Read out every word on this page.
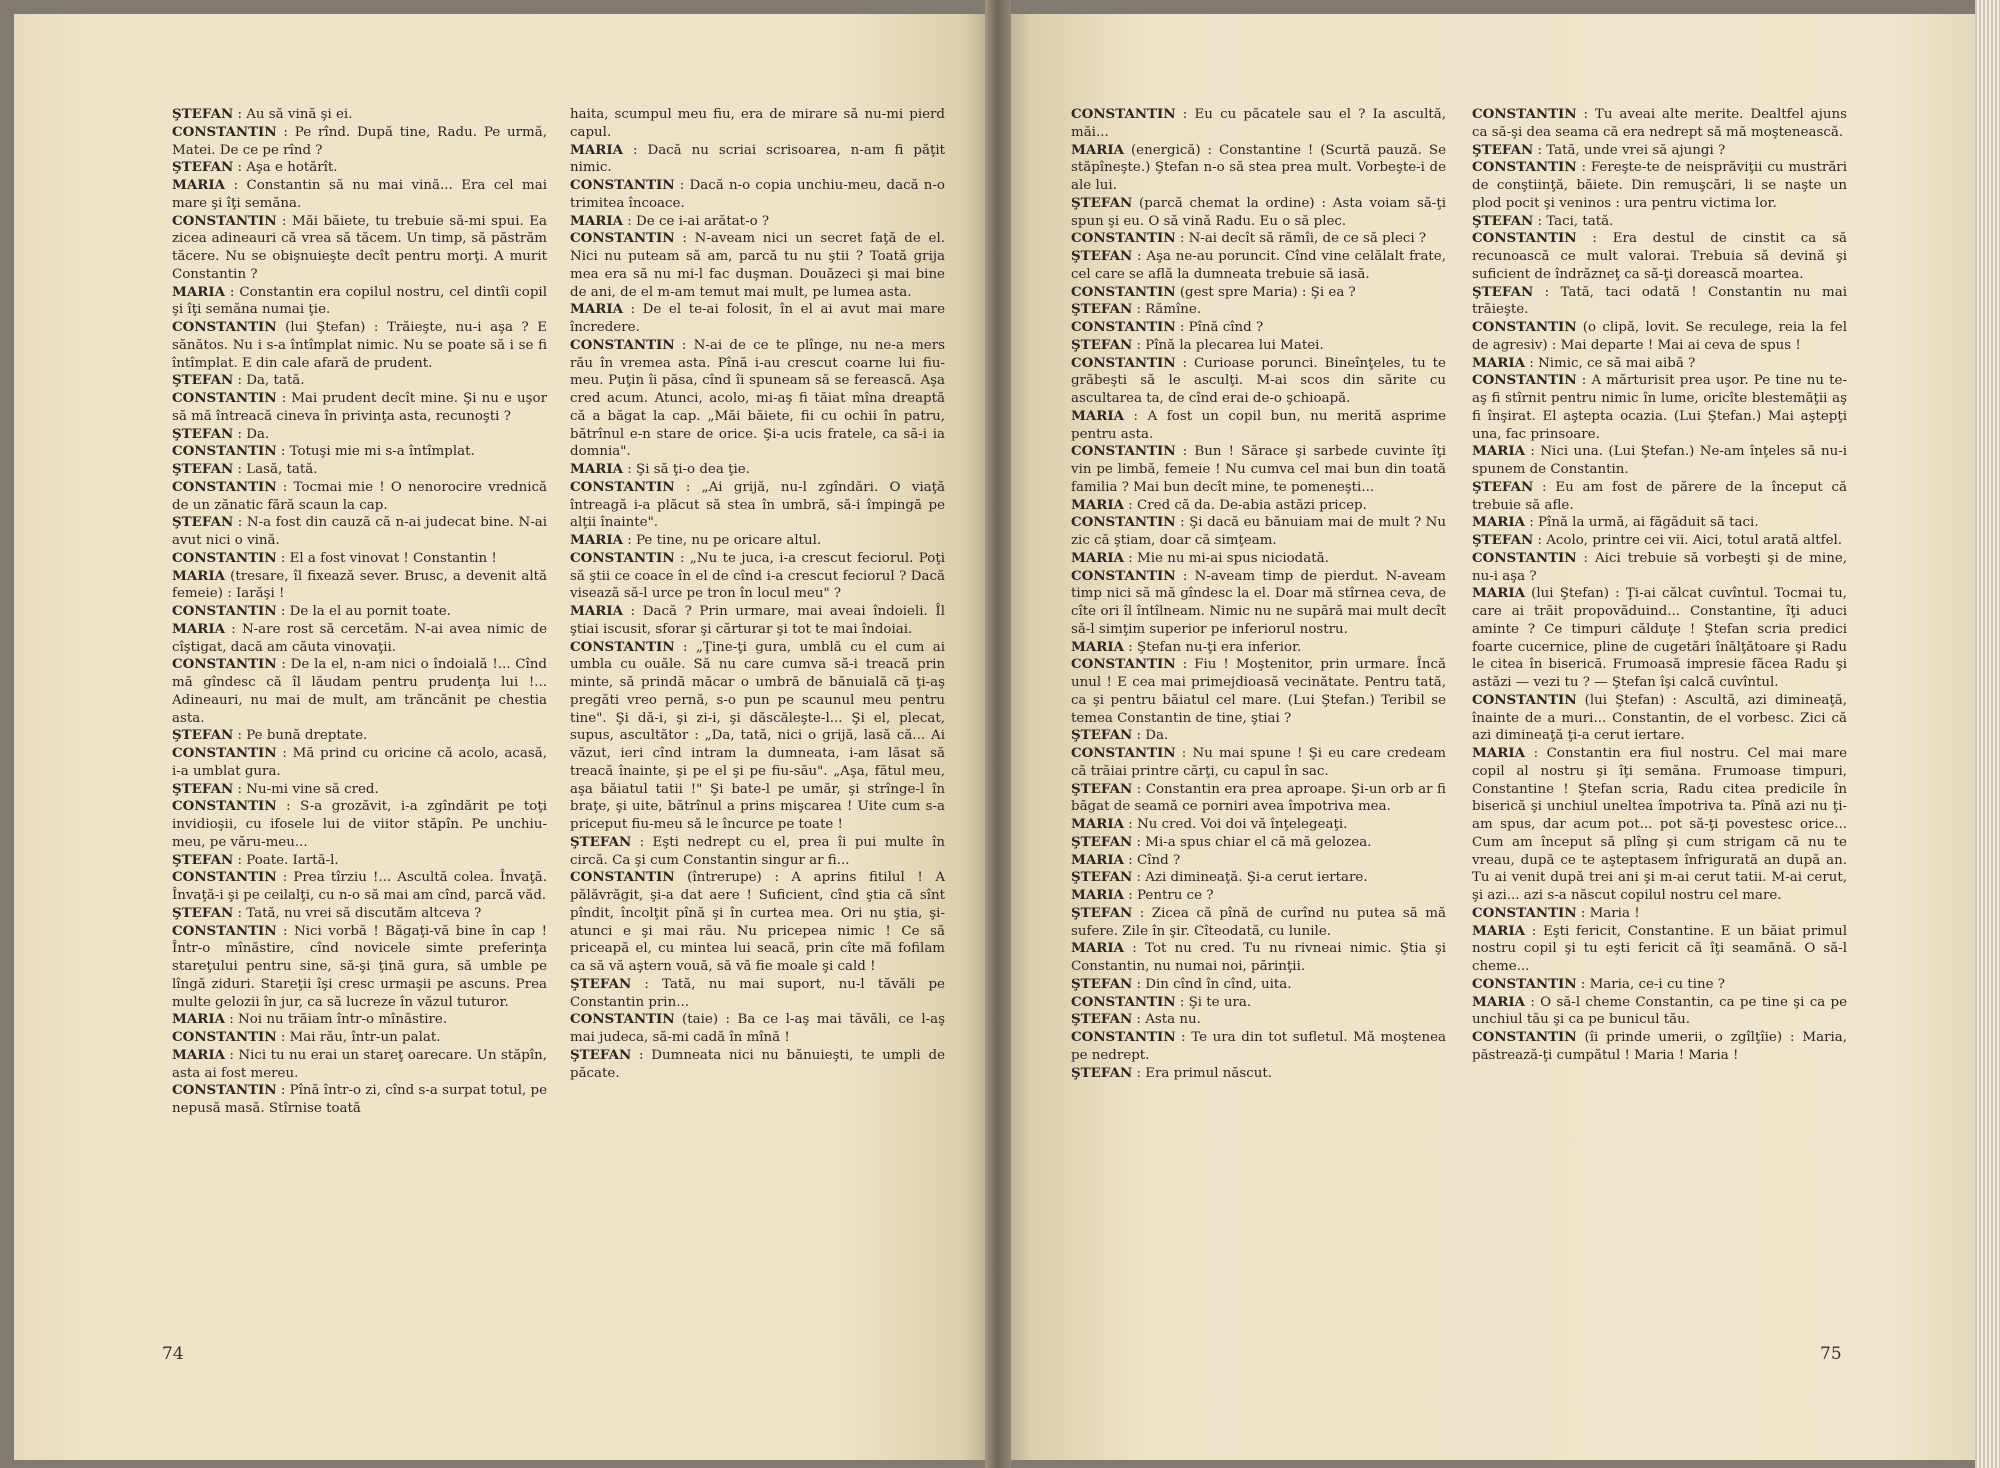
ŞTEFAN : Au să vină şi ei.

CONSTANTIN : Pe rînd. După tine, Radu. Pe urmă, Matei. De ce pe rînd ?

ŞTEFAN : Aşa e hotărît.

MARIA : Constantin să nu mai vină... Era cel mai mare şi îţi semăna.

CONSTANTIN : Măi băiete, tu trebuie să-mi spui. Ea zicea adineauri că vrea să tăcem. Un timp, să păstrăm tăcere. Nu se obişnuieşte decît pentru morţi. A murit Constantin ?

MARIA : Constantin era copilul nostru, cel dintîi copil şi îţi semăna numai ţie.

CONSTANTIN (lui Ştefan) : Trăieşte, nu-i aşa ? E sănătos. Nu i s-a întîmplat nimic. Nu se poate să i se fi întîmplat. E din cale afară de prudent.

ŞTEFAN : Da, tată.

CONSTANTIN : Mai prudent decît mine. Şi nu e uşor să mă întreacă cineva în privinţa asta, recunoşti ?

ŞTEFAN : Da.

CONSTANTIN : Totuşi mie mi s-a întîmplat.

ŞTEFAN : Lasă, tată.

CONSTANTIN : Tocmai mie ! O nenorocire vrednică de un zănatic fără scaun la cap.

ŞTEFAN : N-a fost din cauză că n-ai judecat bine. N-ai avut nici o vină.

CONSTANTIN : El a fost vinovat ! Constantin !

MARIA (tresare, îl fixează sever. Brusc, a devenit altă femeie) : Iarăşi !

CONSTANTIN : De la el au pornit toate.

MARIA : N-are rost să cercetăm. N-ai avea nimic de cîştigat, dacă am căuta vinovaţii.

CONSTANTIN : De la el, n-am nici o îndoială !... Cînd mă gîndesc că îl lăudam pentru prudenţa lui !... Adineauri, nu mai de mult, am trăncănit pe chestia asta.

ŞTEFAN : Pe bună dreptate.

CONSTANTIN : Mă prind cu oricine că acolo, acasă, i-a umblat gura.

ŞTEFAN : Nu-mi vine să cred.

CONSTANTIN : S-a grozăvit, i-a zgîndărit pe toţi invidioşii, cu ifosele lui de viitor stăpîn. Pe unchiu-meu, pe văru-meu...

ŞTEFAN : Poate. Iartă-l.

CONSTANTIN : Prea tîrziu !... Ascultă colea. Învaţă. Învaţă-i şi pe ceilalţi, cu n-o să mai am cînd, parcă văd.

ŞTEFAN : Tată, nu vrei să discutăm altceva ?

CONSTANTIN : Nici vorbă ! Băgaţi-vă bine în cap ! Într-o mînăstire, cînd novicele simte preferinţa stareţului pentru sine, să-şi ţină gura, să umble pe lîngă ziduri. Stareţii îşi cresc urmaşii pe ascuns. Prea multe gelozii în jur, ca să lucreze în văzul tuturor.

MARIA : Noi nu trăiam într-o mînăstire.

CONSTANTIN : Mai rău, într-un palat.

MARIA : Nici tu nu erai un stareţ oarecare. Un stăpîn, asta ai fost mereu.

CONSTANTIN : Pînă într-o zi, cînd s-a surpat totul, pe nepusă masă. Stîrnise toată

haita, scumpul meu fiu, era de mirare să nu-mi pierd capul.

MARIA : Dacă nu scriai scrisoarea, n-am fi păţit nimic.

CONSTANTIN : Dacă n-o copia unchiu-meu, dacă n-o trimitea încoace.

MARIA : De ce i-ai arătat-o ?

CONSTANTIN : N-aveam nici un secret faţă de el. Nici nu puteam să am, parcă tu nu ştii ? Toată grija mea era să nu mi-l fac duşman. Douăzeci şi mai bine de ani, de el m-am temut mai mult, pe lumea asta.

MARIA : De el te-ai folosit, în el ai avut mai mare încredere.

CONSTANTIN : N-ai de ce te plînge, nu ne-a mers rău în vremea asta. Pînă i-au crescut coarne lui fiu-meu. Puţin îi păsa, cînd îi spuneam să se ferească. Aşa cred acum. Atunci, acolo, mi-aş fi tăiat mîna dreaptă că a băgat la cap. „Măi băiete, fii cu ochii în patru, bătrînul e-n stare de orice. Şi-a ucis fratele, ca să-i ia domnia".

MARIA : Şi să ţi-o dea ţie.

CONSTANTIN : „Ai grijă, nu-l zgîndări. O viaţă întreagă i-a plăcut să stea în umbră, să-i împingă pe alţii înainte".

MARIA : Pe tine, nu pe oricare altul.

CONSTANTIN : „Nu te juca, i-a crescut feciorul. Poţi să ştii ce coace în el de cînd i-a crescut feciorul ? Dacă visează să-l urce pe tron în locul meu" ?

MARIA : Dacă ? Prin urmare, mai aveai îndoieli. Îl ştiai iscusit, sforar şi cărturar şi tot te mai îndoiai.

CONSTANTIN : „Ţine-ţi gura, umblă cu el cum ai umbla cu ouăle. Să nu care cumva să-i treacă prin minte, să prindă măcar o umbră de bănuială că ţi-aş pregăti vreo pernă, s-o pun pe scaunul meu pentru tine". Şi dă-i, şi zi-i, şi dăscăleşte-l... Şi el, plecat, supus, ascultător : „Da, tată, nici o grijă, lasă că... Ai văzut, ieri cînd intram la dumneata, i-am lăsat să treacă înainte, şi pe el şi pe fiu-său". „Aşa, fătul meu, aşa băiatul tatii !" Şi bate-l pe umăr, şi strînge-l în braţe, şi uite, bătrînul a prins mişcarea ! Uite cum s-a priceput fiu-meu să le încurce pe toate !

ŞTEFAN : Eşti nedrept cu el, prea îi pui multe în circă. Ca şi cum Constantin singur ar fi...

CONSTANTIN (întrerupe) : A aprins fitilul ! A pălăvrăgit, şi-a dat aere ! Suficient, cînd ştia că sînt pîndit, încolţit pînă şi în curtea mea. Ori nu ştia, şi-atunci e şi mai rău. Nu pricepea nimic ! Ce să priceapă el, cu mintea lui seacă, prin cîte mă fofilam ca să vă aştern vouă, să vă fie moale şi cald !

ŞTEFAN : Tată, nu mai suport, nu-l tăvăli pe Constantin prin...

CONSTANTIN (taie) : Ba ce l-aş mai tăvăli, ce l-aş mai judeca, să-mi cadă în mînă !

ŞTEFAN : Dumneata nici nu bănuieşti, te umpli de păcate.

74

CONSTANTIN : Eu cu păcatele sau el ? Ia ascultă, măi...

MARIA (energică) : Constantine ! (Scurtă pauză. Se stăpîneşte.) Ştefan n-o să stea prea mult. Vorbeşte-i de ale lui.

ŞTEFAN (parcă chemat la ordine) : Asta voiam să-ţi spun şi eu. O să vină Radu. Eu o să plec.

CONSTANTIN : N-ai decît să rămîi, de ce să pleci ?

ŞTEFAN : Aşa ne-au poruncit. Cînd vine celălalt frate, cel care se află la dumneata trebuie să iasă.

CONSTANTIN (gest spre Maria) : Şi ea ?

ŞTEFAN : Rămîne.

CONSTANTIN : Pînă cînd ?

ŞTEFAN : Pînă la plecarea lui Matei.

CONSTANTIN : Curioase porunci. Bineînţeles, tu te grăbeşti să le asculţi. M-ai scos din sărite cu ascultarea ta, de cînd erai de-o şchioapă.

MARIA : A fost un copil bun, nu merită asprime pentru asta.

CONSTANTIN : Bun ! Săracе şi sarbede cuvinte îţi vin pe limbă, femeie ! Nu cumva cel mai bun din toată familia ? Mai bun decît mine, te pomeneşti...

MARIA : Cred că da. De-abia astăzi pricep.

CONSTANTIN : Şi dacă eu bănuiam mai de mult ? Nu zic că ştiam, doar că simţeam.

MARIA : Mie nu mi-ai spus niciodată.

CONSTANTIN : N-aveam timp de pierdut. N-aveam timp nici să mă gîndesc la el. Doar mă stîrnea ceva, de cîte ori îl întîlneam. Nimic nu ne supără mai mult decît să-l simţim superior pe inferiorul nostru.

MARIA : Ştefan nu-ţi era inferior.

CONSTANTIN : Fiu ! Moştenitor, prin urmare. Încă unul ! E cea mai primejdioasă vecinătate. Pentru tată, ca şi pentru băiatul cel mare. (Lui Ştefan.) Teribil se temea Constantin de tine, ştiai ?

ŞTEFAN : Da.

CONSTANTIN : Nu mai spune ! Şi eu care credeam că trăiai printre cărţi, cu capul în sac.

ŞTEFAN : Constantin era prea aproape. Şi-un orb ar fi băgat de seamă ce porniri avea împotriva mea.

MARIA : Nu cred. Voi doi vă înţelegeaţi.

ŞTEFAN : Mi-a spus chiar el că mă gelozea.

MARIA : Cînd ?

ŞTEFAN : Azi dimineaţă. Şi-a cerut iertare.

MARIA : Pentru ce ?

ŞTEFAN : Zicea că pînă de curînd nu putea să mă sufere. Zile în şir. Cîteodată, cu lunile.

MARIA : Tot nu cred. Tu nu rivneai nimic. Ştia şi Constantin, nu numai noi, părinţii.

ŞTEFAN : Din cînd în cînd, uita.

CONSTANTIN : Şi te ura.

ŞTEFAN : Asta nu.

CONSTANTIN : Te ura din tot sufletul. Mă moştenea pe nedrept.

ŞTEFAN : Era primul născut.

CONSTANTIN : Tu aveai alte merite. Dealtfel ajuns ca să-şi dea seama că era nedrept să mă moştenească.

ŞTEFAN : Tată, unde vrei să ajungi ?

CONSTANTIN : Fereşte-te de neisprăviţii cu mustrări de conştiinţă, băiete. Din remuşcări, li se naşte un plod pocit şi veninos : ura pentru victima lor.

ŞTEFAN : Taci, tată.

CONSTANTIN : Era destul de cinstit ca să recunoască ce mult valorai. Trebuia să devină şi suficient de îndrăzneţ ca să-ţi dorească moartea.

ŞTEFAN : Tată, taci odată ! Constantin nu mai trăieşte.

CONSTANTIN (o clipă, lovit. Se reculege, reia la fel de agresiv) : Mai departe ! Mai ai ceva de spus !

MARIA : Nimic, ce să mai aibă ?

CONSTANTIN : A mărturisit prea uşor. Pe tine nu te-aş fi stîrnit pentru nimic în lume, oricîte blestemăţii aş fi înşirat. El aştepta ocazia. (Lui Ştefan.) Mai aştepţi una, fac prinsoare.

MARIA : Nici una. (Lui Ştefan.) Ne-am înţeles să nu-i spunem de Constantin.

ŞTEFAN : Eu am fost de părere de la început că trebuie să afle.

MARIA : Pînă la urmă, ai făgăduit să taci.

ŞTEFAN : Acolo, printre cei vii. Aici, totul arată altfel.

CONSTANTIN : Aici trebuie să vorbeşti şi de mine, nu-i aşa ?

MARIA (lui Ştefan) : Ţi-ai călcat cuvîntul. Tocmai tu, care ai trăit propovăduind... Constantine, îţi aduci aminte ? Ce timpuri călduţe ! Ştefan scria predici foarte cucernice, pline de cugetări înălţătoare şi Radu le citea în biserică. Frumoasă impresie făcea Radu şi astăzi — vezi tu ? — Ştefan îşi calcă cuvîntul.

CONSTANTIN (lui Ştefan) : Ascultă, azi dimineaţă, înainte de a muri... Constantin, de el vorbesc. Zici că azi dimineaţă ţi-a cerut iertare.

MARIA : Constantin era fiul nostru. Cel mai mare copil al nostru şi îţi semăna. Frumoase timpuri, Constantine ! Ştefan scria, Radu citea predicile în biserică şi unchiul uneltea împotriva ta. Pînă azi nu ţi-am spus, dar acum pot... pot să-ţi povestesc orice... Cum am început să plîng şi cum strigam că nu te vreau, după ce te aşteptasem înfrigurată an după an. Tu ai venit după trei ani şi m-ai cerut tatii. M-ai cerut, şi azi... azi s-a născut copilul nostru cel mare.

CONSTANTIN : Maria !

MARIA : Eşti fericit, Constantine. E un băiat primul nostru copil şi tu eşti fericit că îţi seamănă. O să-l cheme...

CONSTANTIN : Maria, ce-i cu tine ?

MARIA : O să-l cheme Constantin, ca pe tine şi ca pe unchiul tău şi ca pe bunicul tău.

CONSTANTIN (îi prinde umerii, o zgîlţîie) : Maria, păstrează-ţi cumpătul ! Maria ! Maria !

75
